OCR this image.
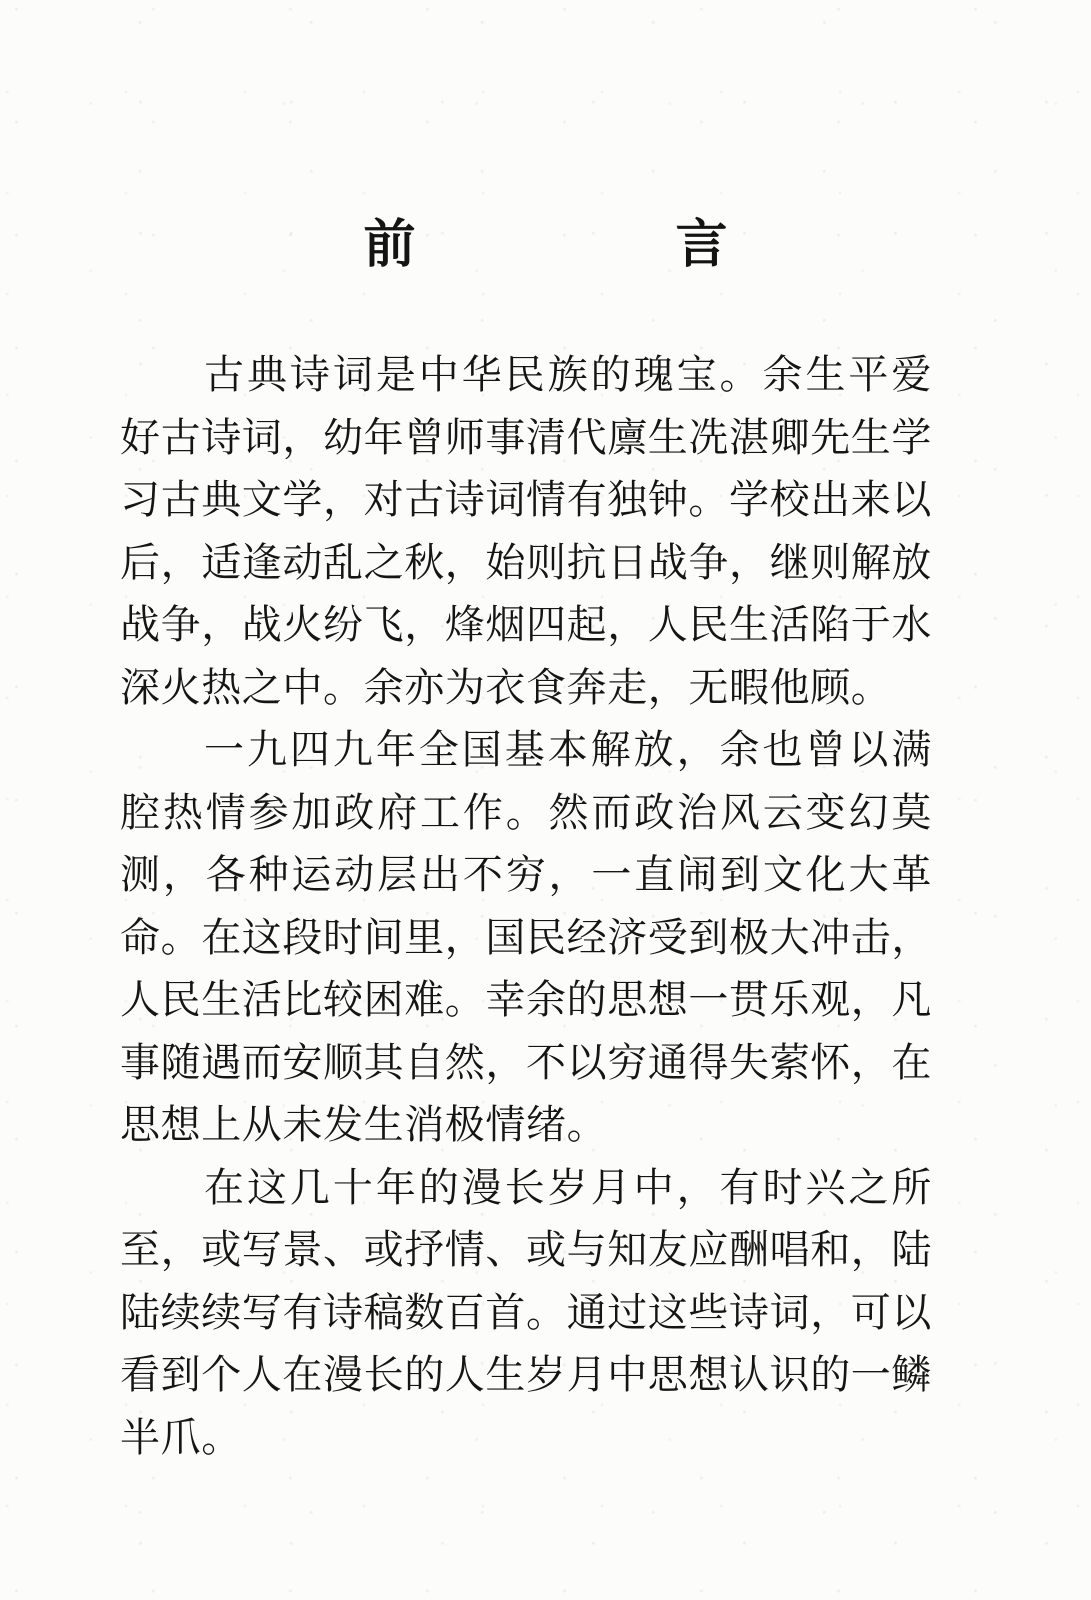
前　言

古典诗词是中华民族的瑰宝。余生平爱好古诗词，幼年曾师事清代廪生冼湛卿先生学习古典文学，对古诗词情有独钟。学校出来以后，适逢动乱之秋，始则抗日战争，继则解放战争，战火纷飞，烽烟四起，人民生活陷于水深火热之中。余亦为衣食奔走，无暇他顾。

一九四九年全国基本解放，余也曾以满腔热情参加政府工作。然而政治风云变幻莫测，各种运动层出不穷，一直闹到文化大革命。在这段时间里，国民经济受到极大冲击，人民生活比较困难。幸余的思想一贯乐观，凡事随遇而安顺其自然，不以穷通得失萦怀，在思想上从未发生消极情绪。

在这几十年的漫长岁月中，有时兴之所至，或写景、或抒情、或与知友应酬唱和，陆陆续续写有诗稿数百首。通过这些诗词，可以看到个人在漫长的人生岁月中思想认识的一鳞半爪。
